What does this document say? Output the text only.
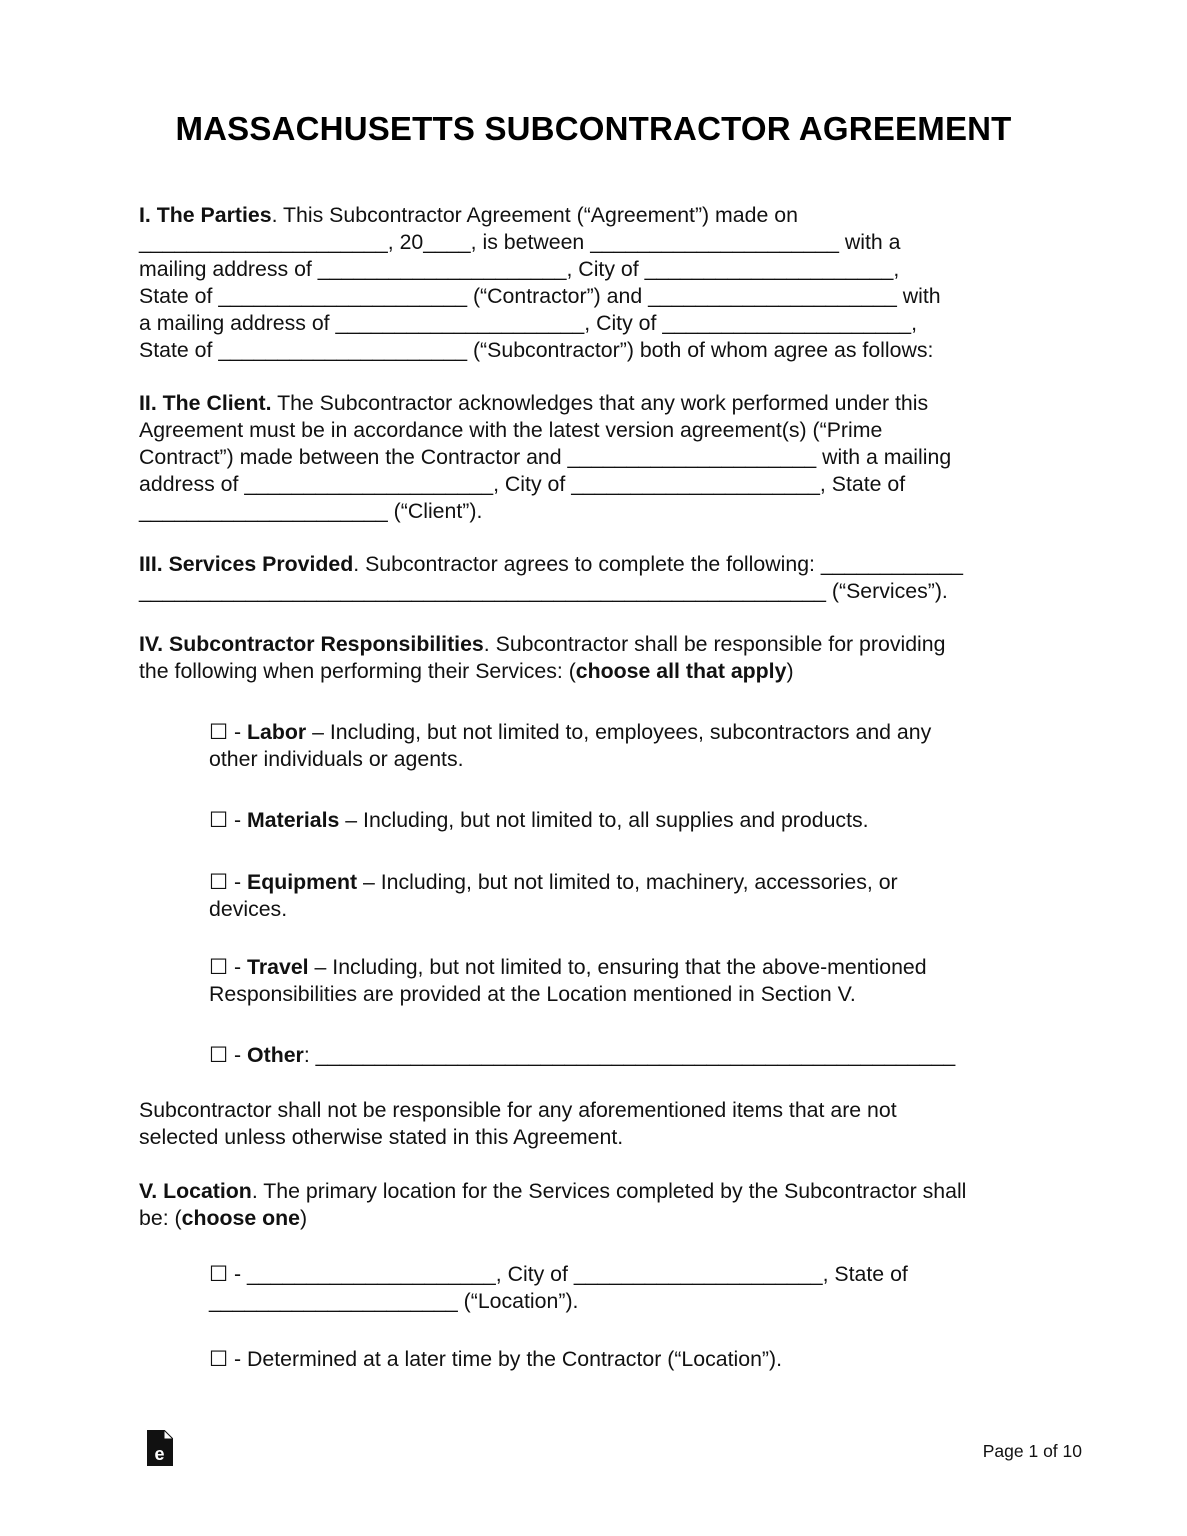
MASSACHUSETTS SUBCONTRACTOR AGREEMENT
I. The Parties. This Subcontractor Agreement (“Agreement”) made on
_____________________, 20____, is between _____________________ with a
mailing address of _____________________, City of _____________________,
State of _____________________ (“Contractor”) and _____________________ with
a mailing address of _____________________, City of _____________________,
State of _____________________ (“Subcontractor”) both of whom agree as follows:
II. The Client. The Subcontractor acknowledges that any work performed under this
Agreement must be in accordance with the latest version agreement(s) (“Prime
Contract”) made between the Contractor and _____________________ with a mailing
address of _____________________, City of _____________________, State of
_____________________ (“Client”).
III. Services Provided. Subcontractor agrees to complete the following: ____________
__________________________________________________________ (“Services”).
IV. Subcontractor Responsibilities. Subcontractor shall be responsible for providing
the following when performing their Services: (choose all that apply)
☐ - Labor – Including, but not limited to, employees, subcontractors and any
other individuals or agents.
☐ - Materials – Including, but not limited to, all supplies and products.
☐ - Equipment – Including, but not limited to, machinery, accessories, or
devices.
☐ - Travel – Including, but not limited to, ensuring that the above-mentioned
Responsibilities are provided at the Location mentioned in Section V.
☐ - Other: ______________________________________________________
Subcontractor shall not be responsible for any aforementioned items that are not
selected unless otherwise stated in this Agreement.
V. Location. The primary location for the Services completed by the Subcontractor shall
be: (choose one)
☐ - _____________________, City of _____________________, State of
_____________________ (“Location”).
☐ - Determined at a later time by the Contractor (“Location”).
e	Page 1 of 10
